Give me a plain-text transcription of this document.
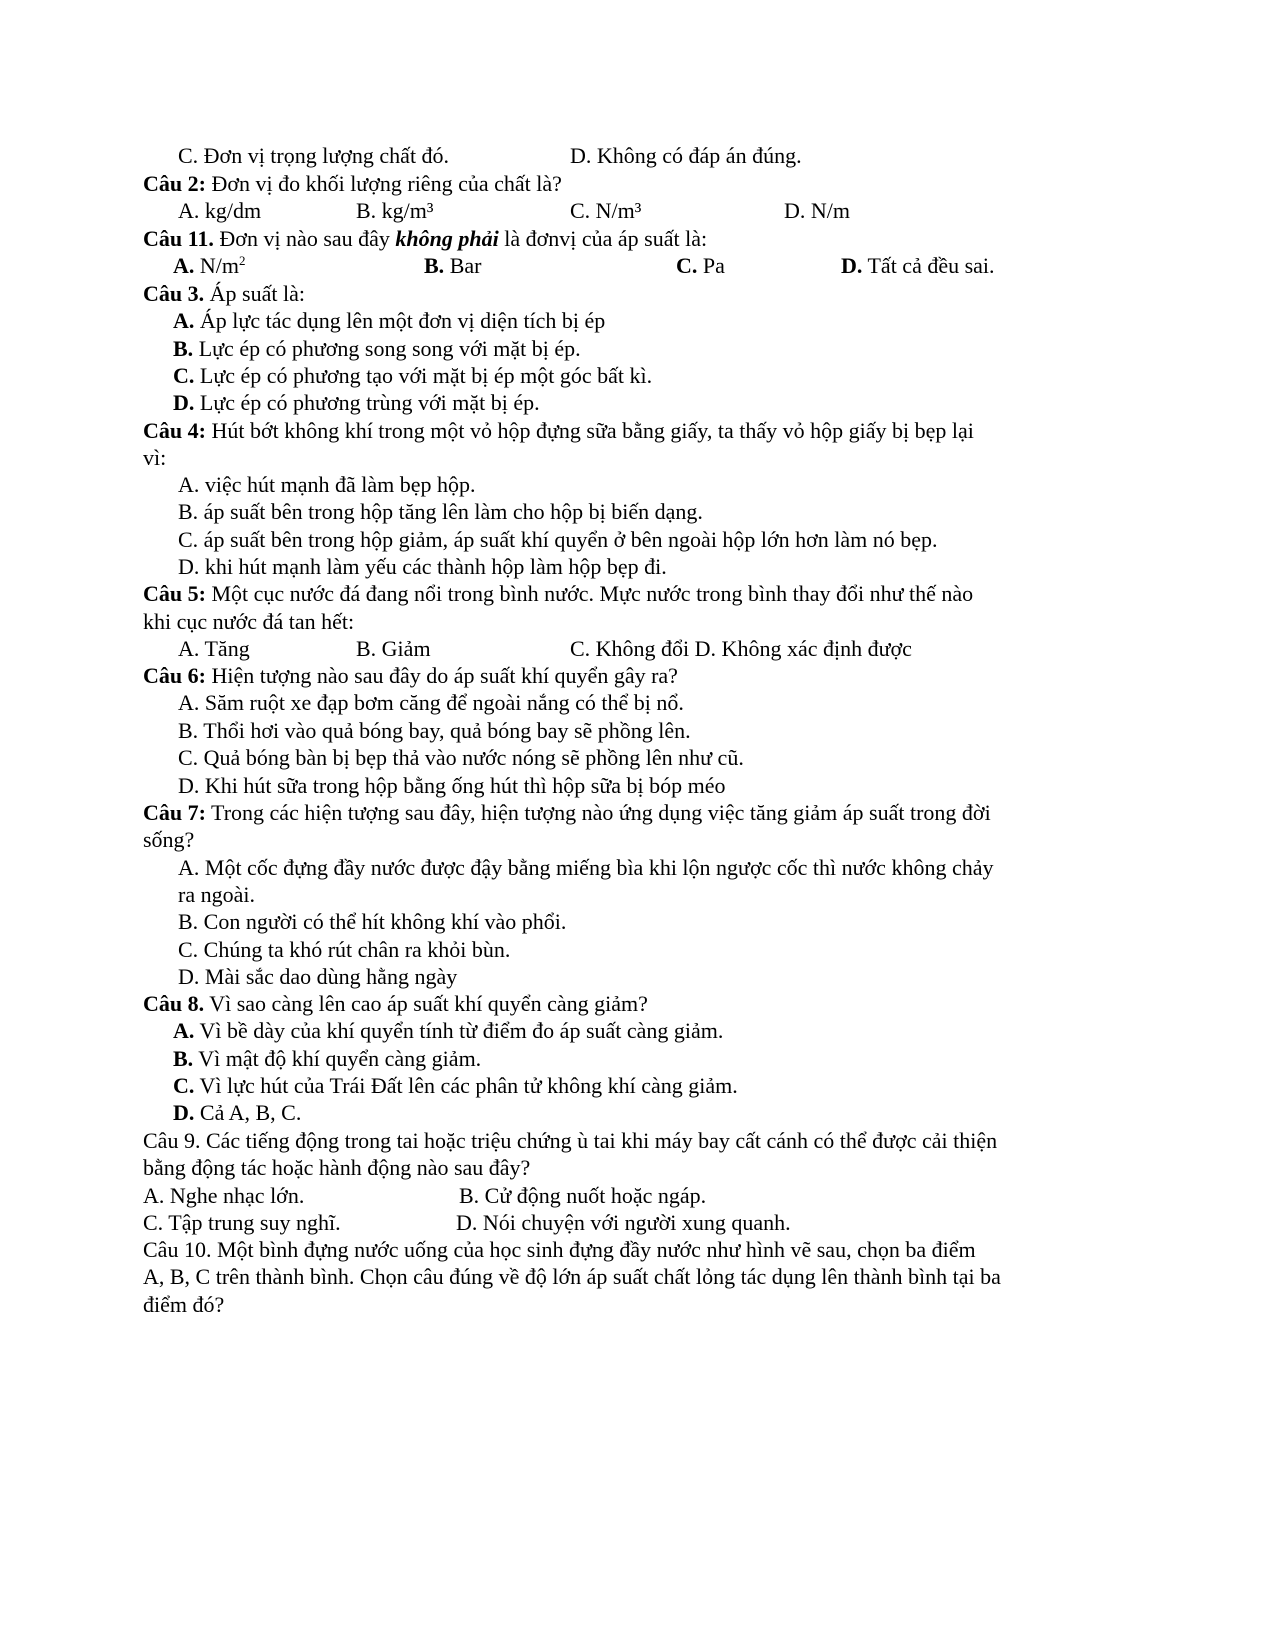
C. Đơn vị trọng lượng chất đó.	D. Không có đáp án đúng.
Câu 2: Đơn vị đo khối lượng riêng của chất là?
A. kg/dm	B. kg/m³	C. N/m³	D. N/m
Câu 11. Đơn vị nào sau đây không phải là đơnvị của áp suất là:
A. $N/m^2$	B. Bar	C. Pa	D. Tất cả đều sai.
Câu 3. Áp suất là:
A. Áp lực tác dụng lên một đơn vị diện tích bị ép
B. Lực ép có phương song song với mặt bị ép.
C. Lực ép có phương tạo với mặt bị ép một góc bất kì.
D. Lực ép có phương trùng với mặt bị ép.
Câu 4: Hút bớt không khí trong một vỏ hộp đựng sữa bằng giấy, ta thấy vỏ hộp giấy bị bẹp lại
vì:
A. việc hút mạnh đã làm bẹp hộp.
B. áp suất bên trong hộp tăng lên làm cho hộp bị biến dạng.
C. áp suất bên trong hộp giảm, áp suất khí quyển ở bên ngoài hộp lớn hơn làm nó bẹp.
D. khi hút mạnh làm yếu các thành hộp làm hộp bẹp đi.
Câu 5: Một cục nước đá đang nổi trong bình nước. Mực nước trong bình thay đổi như thế nào
khi cục nước đá tan hết:
A. Tăng	B. Giảm	C. Không đổi D. Không xác định được
Câu 6: Hiện tượng nào sau đây do áp suất khí quyển gây ra?
A. Săm ruột xe đạp bơm căng để ngoài nắng có thể bị nổ.
B. Thổi hơi vào quả bóng bay, quả bóng bay sẽ phồng lên.
C. Quả bóng bàn bị bẹp thả vào nước nóng sẽ phồng lên như cũ.
D. Khi hút sữa trong hộp bằng ống hút thì hộp sữa bị bóp méo
Câu 7: Trong các hiện tượng sau đây, hiện tượng nào ứng dụng việc tăng giảm áp suất trong đời
sống?
A. Một cốc đựng đầy nước được đậy bằng miếng bìa khi lộn ngược cốc thì nước không chảy
ra ngoài.
B. Con người có thể hít không khí vào phổi.
C. Chúng ta khó rút chân ra khỏi bùn.
D. Mài sắc dao dùng hằng ngày
Câu 8. Vì sao càng lên cao áp suất khí quyển càng giảm?
A. Vì bề dày của khí quyển tính từ điểm đo áp suất càng giảm.
B. Vì mật độ khí quyển càng giảm.
C. Vì lực hút của Trái Đất lên các phân tử không khí càng giảm.
D. Cả A, B, C.
Câu 9. Các tiếng động trong tai hoặc triệu chứng ù tai khi máy bay cất cánh có thể được cải thiện
bằng động tác hoặc hành động nào sau đây?
A. Nghe nhạc lớn.	B. Cử động nuốt hoặc ngáp.
C. Tập trung suy nghĩ.	D. Nói chuyện với người xung quanh.
Câu 10. Một bình đựng nước uống của học sinh đựng đầy nước như hình vẽ sau, chọn ba điểm
A, B, C trên thành bình. Chọn câu đúng về độ lớn áp suất chất lỏng tác dụng lên thành bình tại ba
điểm đó?
